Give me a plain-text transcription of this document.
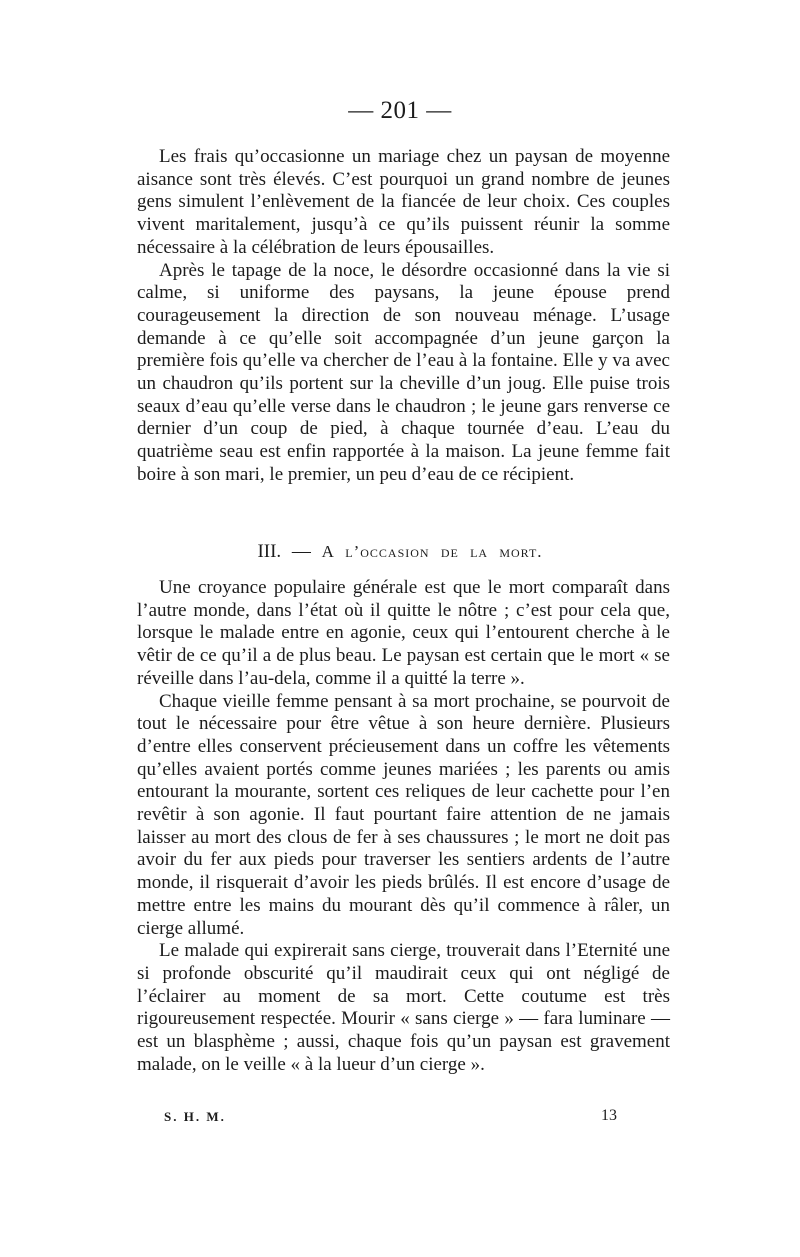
— 201 —

Les frais qu’occasionne un mariage chez un paysan de moyenne aisance sont très élevés. C’est pourquoi un grand nombre de jeunes gens simulent l’enlèvement de la fiancée de leur choix. Ces couples vivent maritalement, jusqu’à ce qu’ils puissent réunir la somme nécessaire à la célébration de leurs épousailles.

Après le tapage de la noce, le désordre occasionné dans la vie si calme, si uniforme des paysans, la jeune épouse prend courageusement la direction de son nouveau ménage. L’usage demande à ce qu’elle soit accompagnée d’un jeune garçon la première fois qu’elle va chercher de l’eau à la fontaine. Elle y va avec un chaudron qu’ils portent sur la cheville d’un joug. Elle puise trois seaux d’eau qu’elle verse dans le chaudron ; le jeune gars renverse ce dernier d’un coup de pied, à chaque tournée d’eau. L’eau du quatrième seau est enfin rapportée à la maison. La jeune femme fait boire à son mari, le premier, un peu d’eau de ce récipient.

III. — A l’occasion de la mort.

Une croyance populaire générale est que le mort comparaît dans l’autre monde, dans l’état où il quitte le nôtre ; c’est pour cela que, lorsque le malade entre en agonie, ceux qui l’entourent cherche à le vêtir de ce qu’il a de plus beau. Le paysan est certain que le mort « se réveille dans l’au-dela, comme il a quitté la terre ».

Chaque vieille femme pensant à sa mort prochaine, se pourvoit de tout le nécessaire pour être vêtue à son heure dernière. Plusieurs d’entre elles conservent précieusement dans un coffre les vêtements qu’elles avaient portés comme jeunes mariées ; les parents ou amis entourant la mourante, sortent ces reliques de leur cachette pour l’en revêtir à son agonie. Il faut pourtant faire attention de ne jamais laisser au mort des clous de fer à ses chaussures ; le mort ne doit pas avoir du fer aux pieds pour traverser les sentiers ardents de l’autre monde, il risquerait d’avoir les pieds brûlés. Il est encore d’usage de mettre entre les mains du mourant dès qu’il commence à râler, un cierge allumé.

Le malade qui expirerait sans cierge, trouverait dans l’Eternité une si profonde obscurité qu’il maudirait ceux qui ont négligé de l’éclairer au moment de sa mort. Cette coutume est très rigoureusement respectée. Mourir « sans cierge » — fara luminare — est un blasphème ; aussi, chaque fois qu’un paysan est gravement malade, on le veille « à la lueur d’un cierge ».

S. H. M.	13
